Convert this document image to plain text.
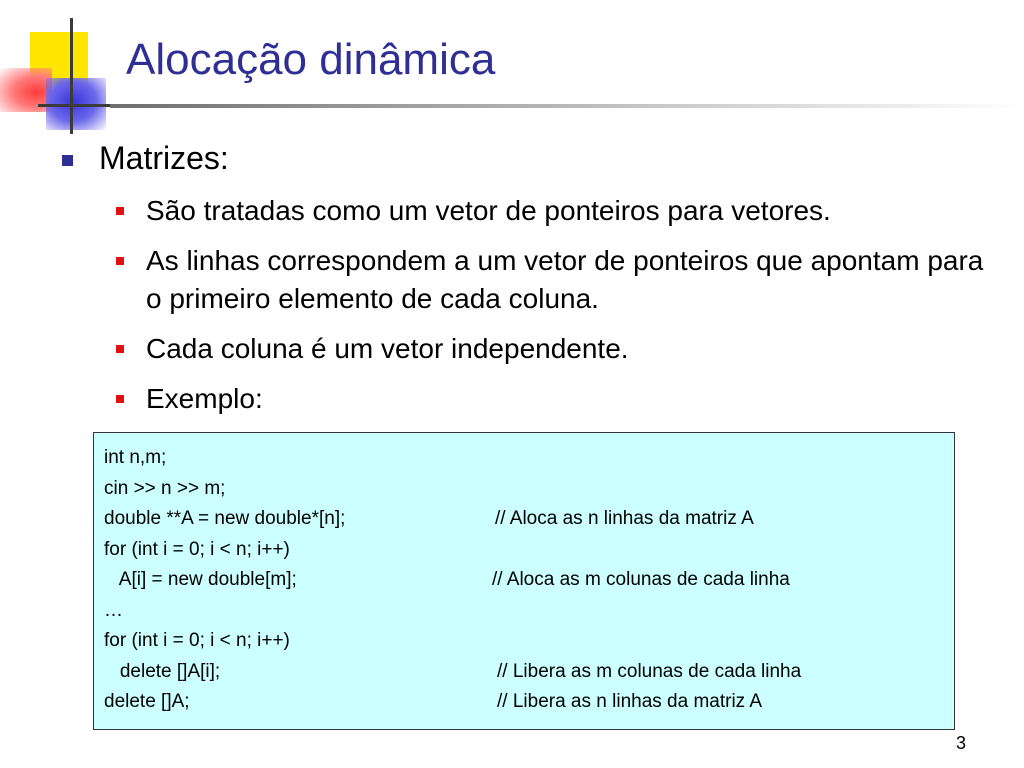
Alocação dinâmica
Matrizes:
São tratadas como um vetor de ponteiros para vetores.
As linhas correspondem a um vetor de ponteiros que apontam para o primeiro elemento de cada coluna.
Cada coluna é um vetor independente.
Exemplo:

int n,m;

cin >> n >> m;

double **A = new double*[n];

	// Aloca as n linhas da matriz A

for (int i = 0; i < n; i++)

A[i] = new double[m];

	// Aloca as m colunas de cada linha

…

for (int i = 0; i < n; i++)

delete []A[i];

	// Libera as m colunas de cada linha

delete []A;

	// Libera as n linhas da matriz A

3
